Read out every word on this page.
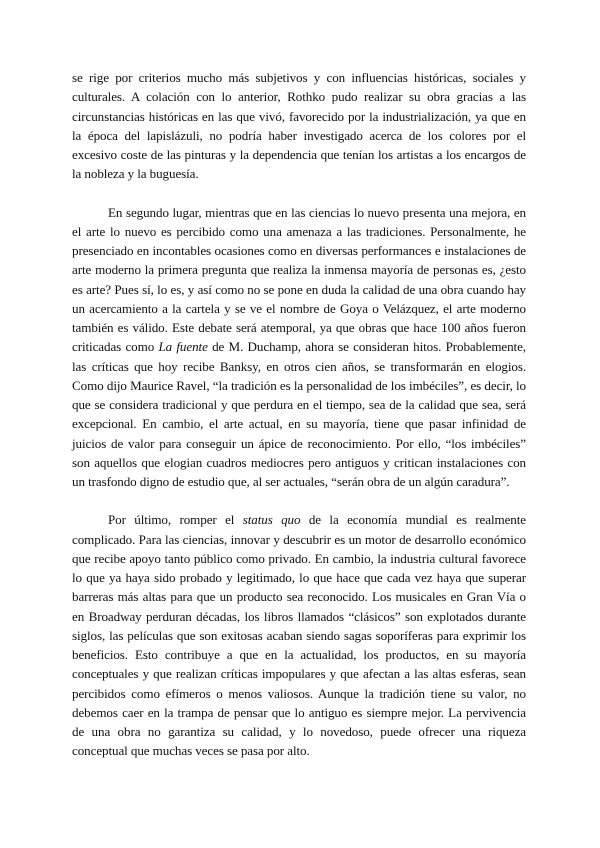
se rige por criterios mucho más subjetivos y con influencias históricas, sociales y culturales. A colación con lo anterior, Rothko pudo realizar su obra gracias a las circunstancias históricas en las que vivó, favorecido por la industrialización, ya que en la época del lapislázuli, no podría haber investigado acerca de los colores por el excesivo coste de las pinturas y la dependencia que tenían los artistas a los encargos de la nobleza y la buguesía.

En segundo lugar, mientras que en las ciencias lo nuevo presenta una mejora, en el arte lo nuevo es percibido como una amenaza a las tradiciones. Personalmente, he presenciado en incontables ocasiones como en diversas performances e instalaciones de arte moderno la primera pregunta que realiza la inmensa mayoría de personas es, ¿esto es arte? Pues sí, lo es, y así como no se pone en duda la calidad de una obra cuando hay un acercamiento a la cartela y se ve el nombre de Goya o Velázquez, el arte moderno también es válido. Este debate será atemporal, ya que obras que hace 100 años fueron criticadas como La fuente de M. Duchamp, ahora se consideran hitos. Probablemente, las críticas que hoy recibe Banksy, en otros cien años, se transformarán en elogios. Como dijo Maurice Ravel, “la tradición es la personalidad de los imbéciles”, es decir, lo que se considera tradicional y que perdura en el tiempo, sea de la calidad que sea, será excepcional. En cambio, el arte actual, en su mayoría, tiene que pasar infinidad de juicios de valor para conseguir un ápice de reconocimiento. Por ello, “los imbéciles” son aquellos que elogian cuadros mediocres pero antiguos y critican instalaciones con un trasfondo digno de estudio que, al ser actuales, “serán obra de un algún caradura”.

Por último, romper el status quo de la economía mundial es realmente complicado. Para las ciencias, innovar y descubrir es un motor de desarrollo económico que recibe apoyo tanto público como privado. En cambio, la industria cultural favorece lo que ya haya sido probado y legitimado, lo que hace que cada vez haya que superar barreras más altas para que un producto sea reconocido. Los musicales en Gran Vía o en Broadway perduran décadas, los libros llamados “clásicos” son explotados durante siglos, las películas que son exitosas acaban siendo sagas soporíferas para exprimir los beneficios. Esto contribuye a que en la actualidad, los productos, en su mayoría conceptuales y que realizan críticas impopulares y que afectan a las altas esferas, sean percibidos como efímeros o menos valiosos. Aunque la tradición tiene su valor, no debemos caer en la trampa de pensar que lo antiguo es siempre mejor. La pervivencia de una obra no garantiza su calidad, y lo novedoso, puede ofrecer una riqueza conceptual que muchas veces se pasa por alto.
